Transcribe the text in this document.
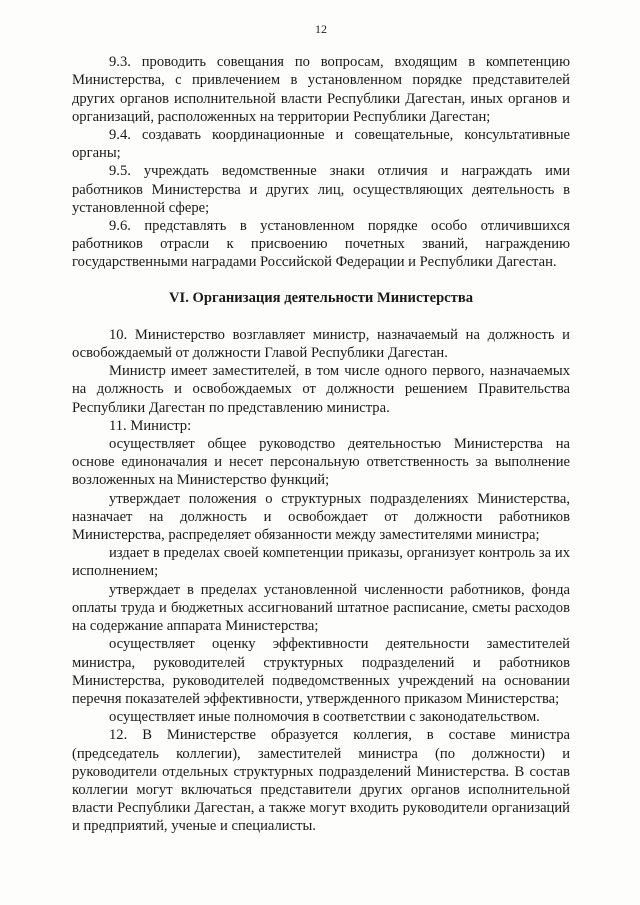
12

9.3. проводить совещания по вопросам, входящим в компетенцию Министерства, с привлечением в установленном порядке представителей других органов исполнительной власти Республики Дагестан, иных органов и организаций, расположенных на территории Республики Дагестан;

9.4. создавать координационные и совещательные, консультативные органы;

9.5. учреждать ведомственные знаки отличия и награждать ими работников Министерства и других лиц, осуществляющих деятельность в установленной сфере;

9.6. представлять в установленном порядке особо отличившихся работников отрасли к присвоению почетных званий, награждению государственными наградами Российской Федерации и Республики Дагестан.

VI. Организация деятельности Министерства

10. Министерство возглавляет министр, назначаемый на должность и освобождаемый от должности Главой Республики Дагестан.

Министр имеет заместителей, в том числе одного первого, назначаемых на должность и освобождаемых от должности решением Правительства Республики Дагестан по представлению министра.

11. Министр:

осуществляет общее руководство деятельностью Министерства на основе единоначалия и несет персональную ответственность за выполнение возложенных на Министерство функций;

утверждает положения о структурных подразделениях Министерства, назначает на должность и освобождает от должности работников Министерства, распределяет обязанности между заместителями министра;

издает в пределах своей компетенции приказы, организует контроль за их исполнением;

утверждает в пределах установленной численности работников, фонда оплаты труда и бюджетных ассигнований штатное расписание, сметы расходов на содержание аппарата Министерства;

осуществляет оценку эффективности деятельности заместителей министра, руководителей структурных подразделений и работников Министерства, руководителей подведомственных учреждений на основании перечня показателей эффективности, утвержденного приказом Министерства;

осуществляет иные полномочия в соответствии с законодательством.

12. В Министерстве образуется коллегия, в составе министра (председатель коллегии), заместителей министра (по должности) и руководители отдельных структурных подразделений Министерства. В состав коллегии могут включаться представители других органов исполнительной власти Республики Дагестан, а также могут входить руководители организаций и предприятий, ученые и специалисты.
